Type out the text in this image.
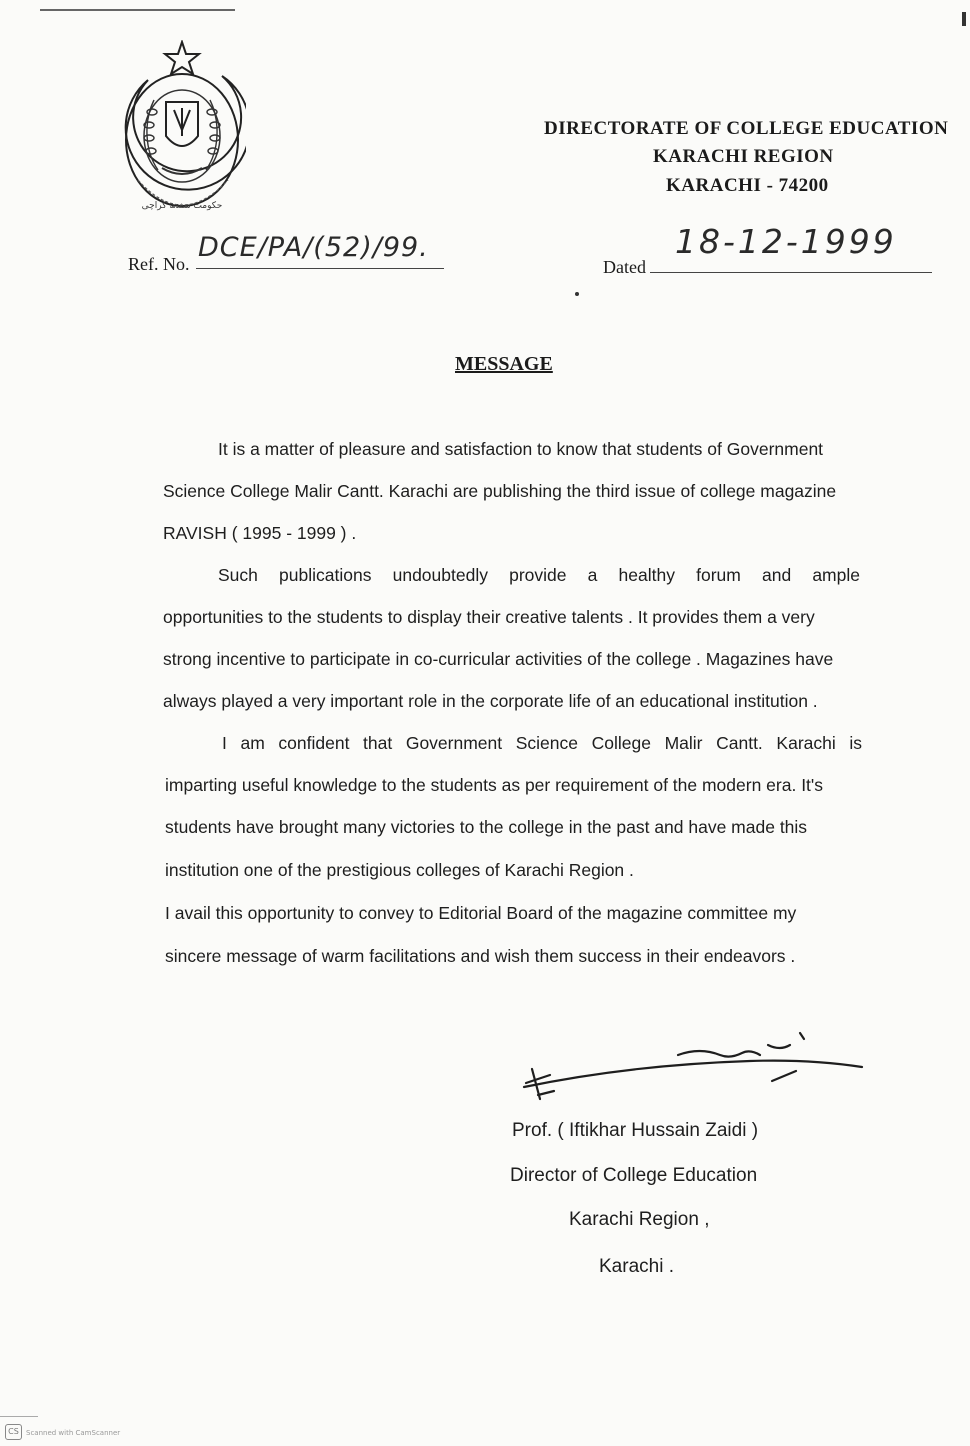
حکومت سندھ کراچی
DIRECTORATE OF COLLEGE EDUCATION
KARACHI REGION
KARACHI - 74200
Ref. No.
DCE/PA/(52)/99.
Dated
18-12-1999
MESSAGE
It is a matter of pleasure and satisfaction to know that students of Government
Science College Malir Cantt. Karachi are publishing the third issue of college magazine
RAVISH ( 1995 - 1999 ) .
Such publications undoubtedly provide a healthy forum and ample
opportunities to the students to display their creative talents . It provides them a very
strong incentive to participate in co-curricular activities of the college . Magazines have
always played a very important role in the corporate life of an educational institution .
I am confident that Government Science College Malir Cantt. Karachi is
imparting useful knowledge to the students as per requirement of the modern era. It's
students have brought many victories to the college in the past and have made this
institution one of the prestigious colleges of Karachi Region .
I avail this opportunity to convey to Editorial Board of the magazine committee my
sincere message of warm facilitations and wish them success in their endeavors .
Prof. ( Iftikhar Hussain Zaidi )
Director of College Education
Karachi Region ,
Karachi .
CS	Scanned with CamScanner
